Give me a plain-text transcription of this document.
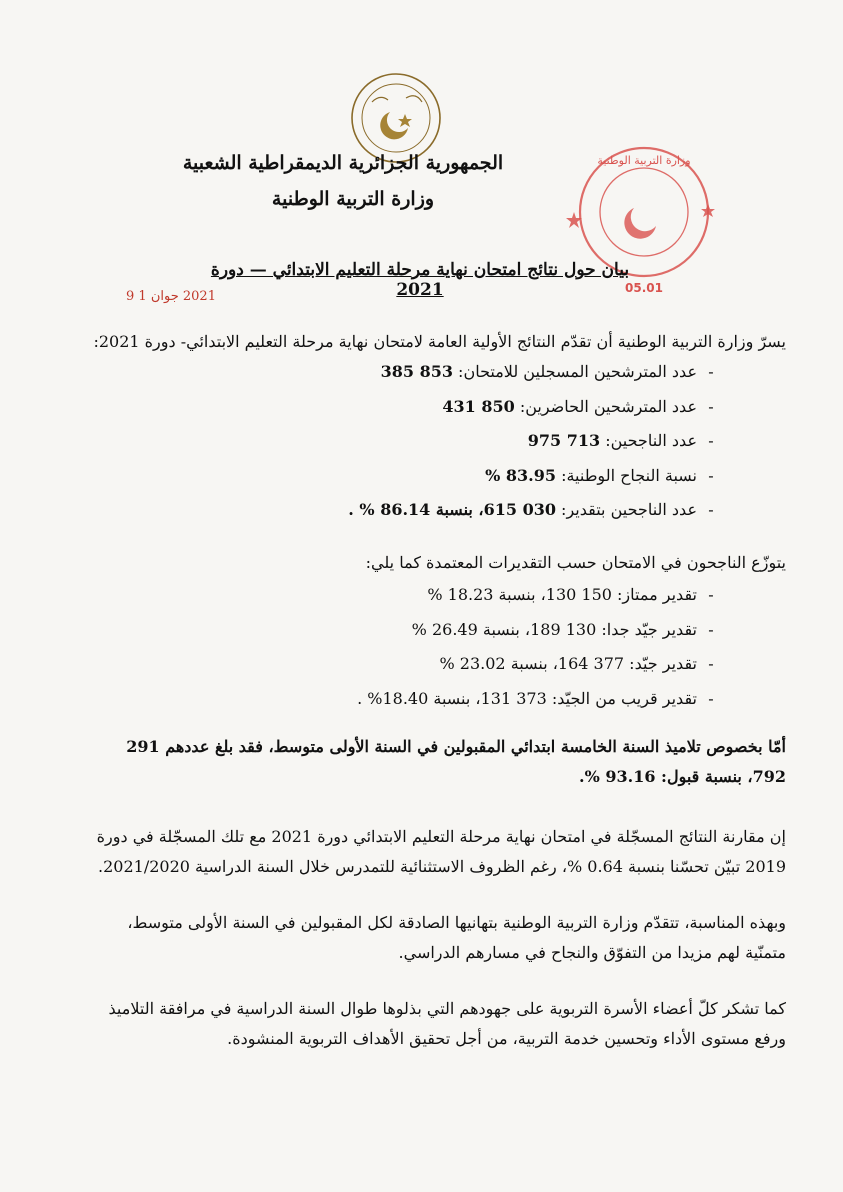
وزارة التربية الوطنية
05.01
الجمهورية الجزائرية الديمقراطية الشعبية
وزارة التربية الوطنية
بيان حول نتائج امتحان نهاية مرحلة التعليم الابتدائي — دورة 2021
2021 جوان 1 9
يسرّ وزارة التربية الوطنية أن تقدّم النتائج الأولية العامة لامتحان نهاية مرحلة التعليم الابتدائي- دورة 2021:
-عدد المترشحين المسجلين للامتحان: 853 385
-عدد المترشحين الحاضرين: 850 431
-عدد الناجحين: 713 975
-نسبة النجاح الوطنية: 83.95 %
-عدد الناجحين بتقدير: 030 615، بنسبة 86.14 % .
يتوزّع الناجحون في الامتحان حسب التقديرات المعتمدة كما يلي:
-تقدير ممتاز: 150 130، بنسبة 18.23 %
-تقدير جيّد جدا: 130 189، بنسبة 26.49 %
-تقدير جيّد: 377 164، بنسبة 23.02 %
-تقدير قريب من الجيّد: 373 131، بنسبة 18.40% .
أمّا بخصوص تلاميذ السنة الخامسة ابتدائي المقبولين في السنة الأولى متوسط، فقد بلغ عددهم 291 792، بنسبة قبول: 93.16 %.
إن مقارنة النتائج المسجّلة في امتحان نهاية مرحلة التعليم الابتدائي دورة 2021 مع تلك المسجّلة في دورة 2019 تبيّن تحسّنا بنسبة 0.64 %، رغم الظروف الاستثنائية للتمدرس خلال السنة الدراسية 2021/2020.
وبهذه المناسبة، تتقدّم وزارة التربية الوطنية بتهانيها الصادقة لكل المقبولين في السنة الأولى متوسط، متمنّية لهم مزيدا من التفوّق والنجاح في مسارهم الدراسي.
كما تشكر كلّ أعضاء الأسرة التربوية على جهودهم التي بذلوها طوال السنة الدراسية في مرافقة التلاميذ ورفع مستوى الأداء وتحسين خدمة التربية، من أجل تحقيق الأهداف التربوية المنشودة.
